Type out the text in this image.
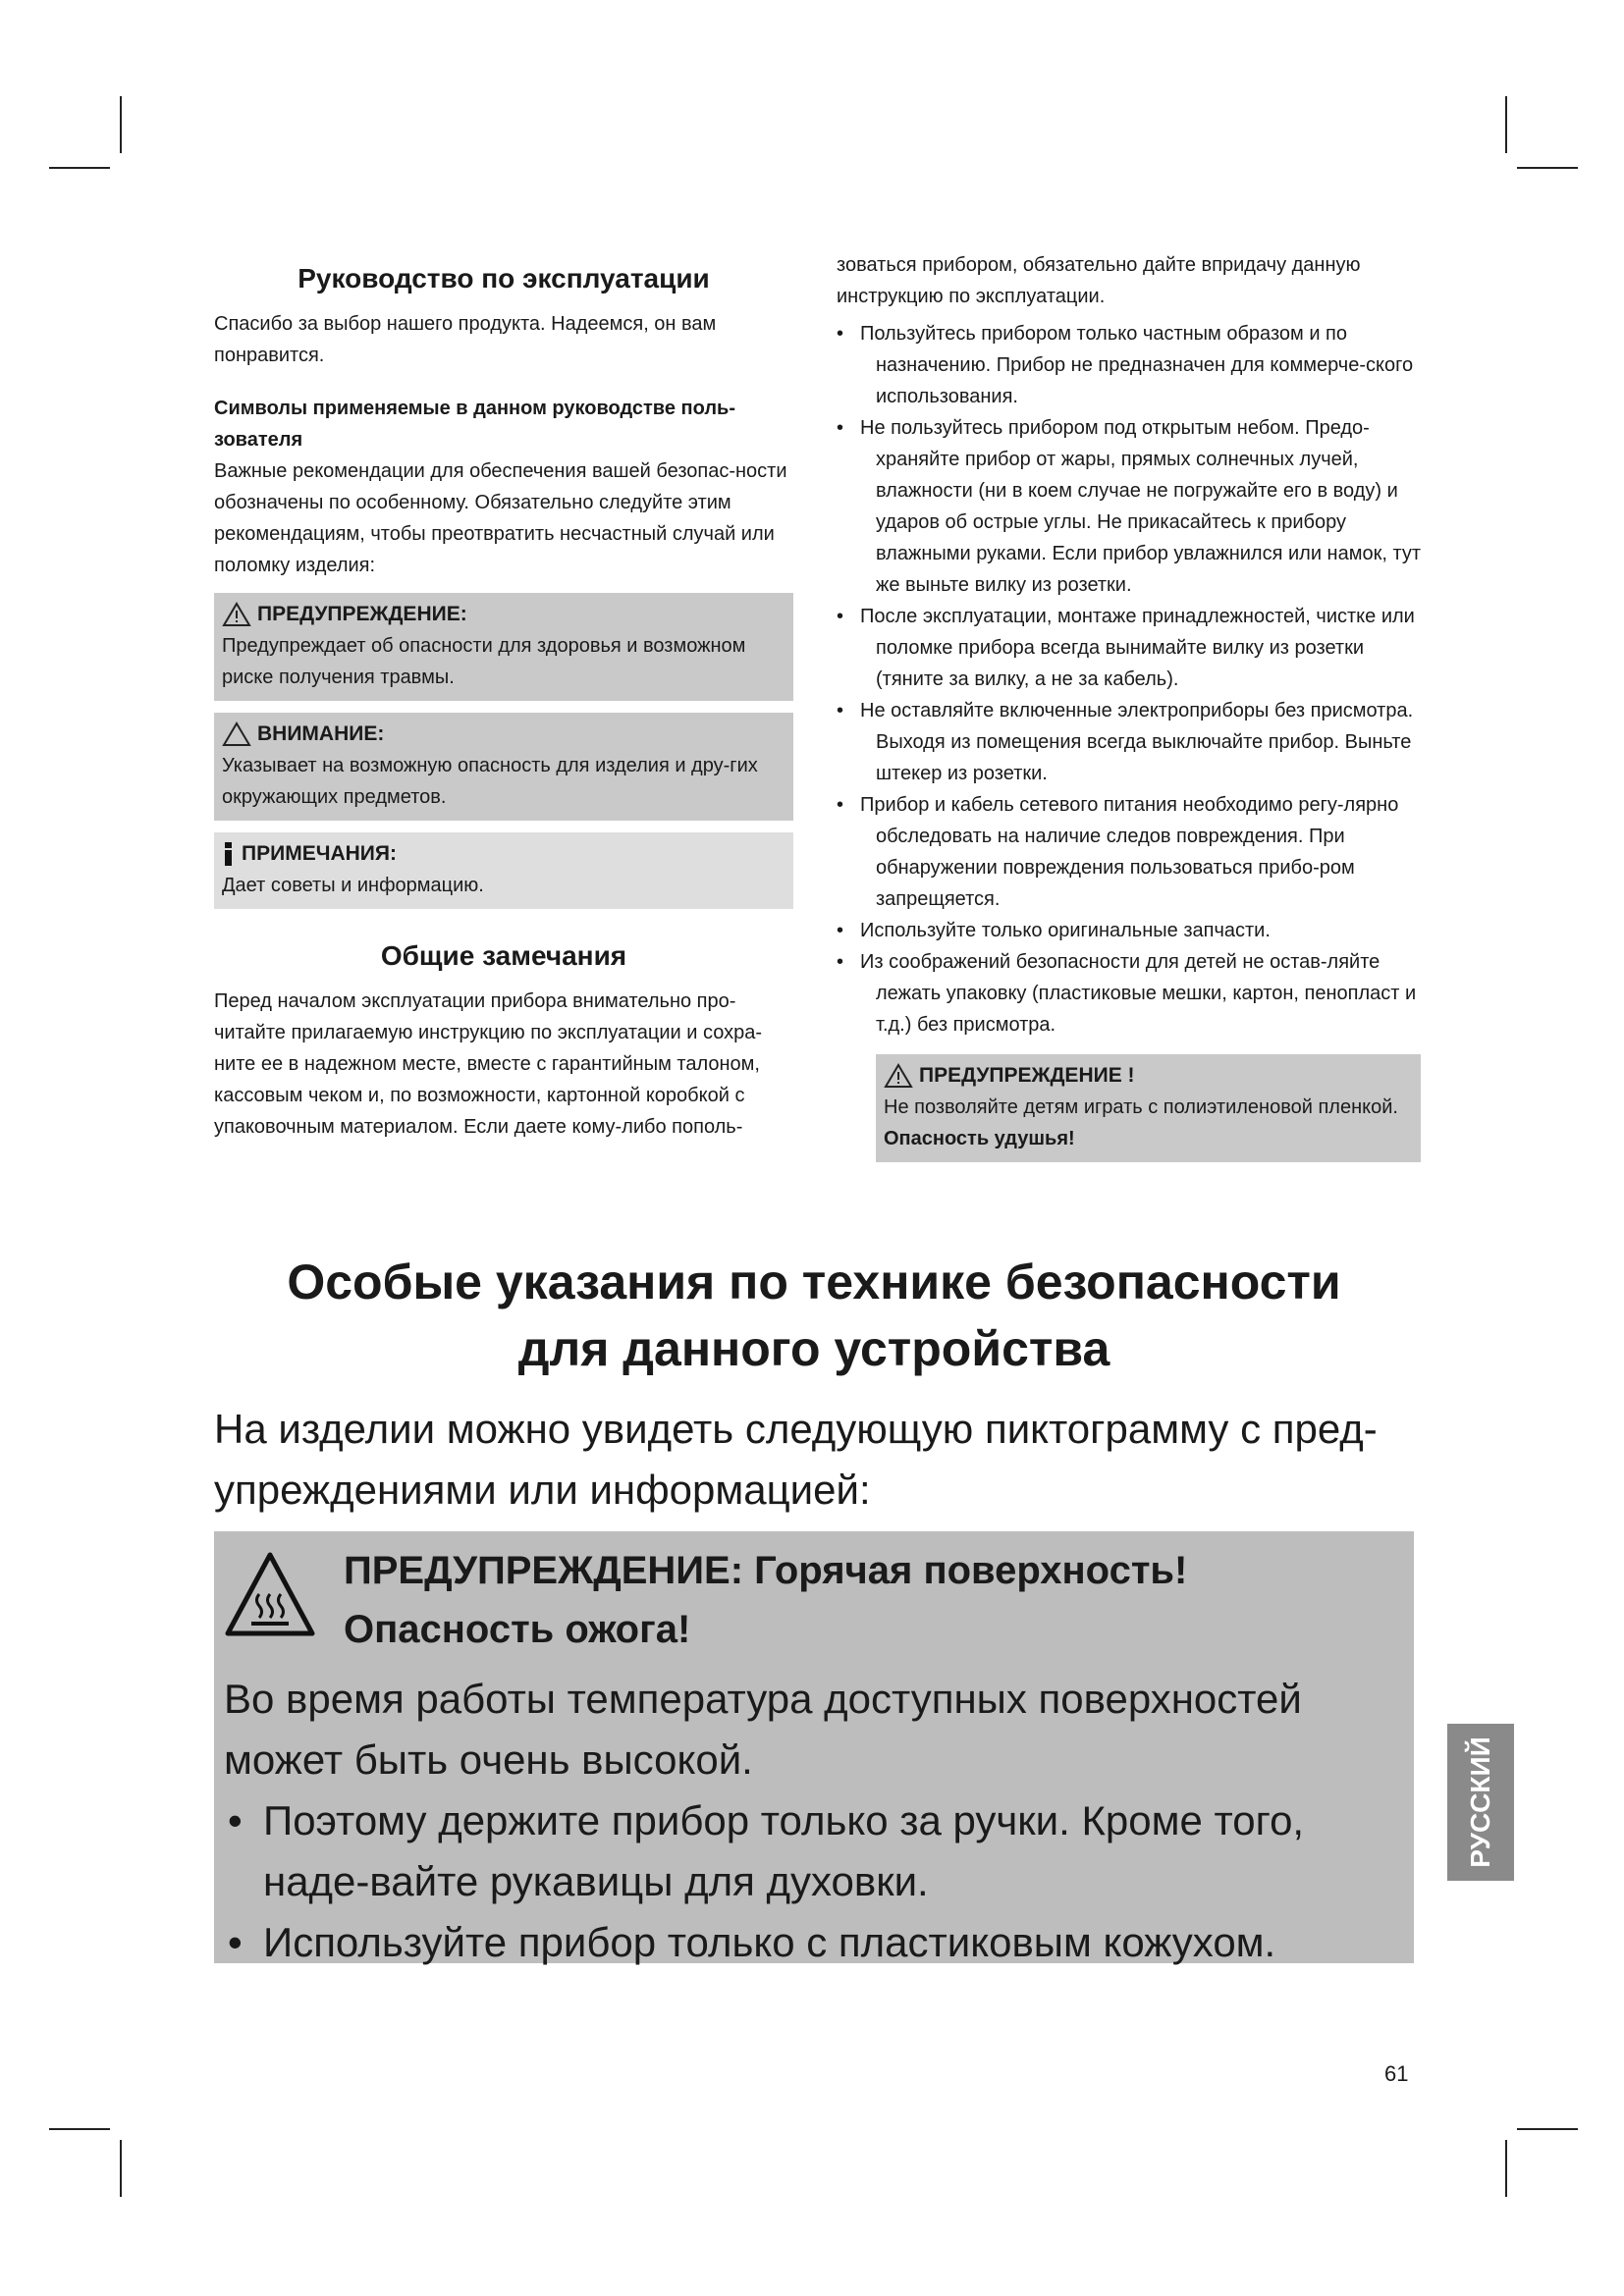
Руководство по эксплуатации

Спасибо за выбор нашего продукта. Надеемся, он вам понравится.

Символы применяемые в данном руководстве поль-зователя

Важные рекомендации для обеспечения вашей безопас-ности обозначены по особенному. Обязательно следуйте этим рекомендациям, чтобы преотвратить несчастный случай или поломку изделия:

ПРЕДУПРЕЖДЕНИЕ:

Предупреждает об опасности для здоровья и возможном риске получения травмы.

ВНИМАНИЕ:

Указывает на возможную опасность для изделия и дру-гих окружающих предметов.

ПРИМЕЧАНИЯ:

Дает советы и информацию.

Общие замечания

Перед началом эксплуатации прибора внимательно про-читайте прилагаемую инструкцию по эксплуатации и сохра-ните ее в надежном месте, вместе с гарантийным талоном, кассовым чеком и, по возможности, картонной коробкой с упаковочным материалом. Если даете кому-либо пополь-

зоваться прибором, обязательно дайте впридачу данную инструкцию по эксплуатации.

• Пользуйтесь прибором только частным образом и по назначению. Прибор не предназначен для коммерче-ского использования.
• Не пользуйтесь прибором под открытым небом. Предо-храняйте прибор от жары, прямых солнечных лучей, влажности (ни в коем случае не погружайте его в воду) и ударов об острые углы. Не прикасайтесь к прибору влажными руками. Если прибор увлажнился или намок, тут же выньте вилку из розетки.
• После эксплуатации, монтаже принадлежностей, чистке или поломке прибора всегда вынимайте вилку из розетки (тяните за вилку, а не за кабель).
• Не оставляйте включенные электроприборы без присмотра. Выходя из помещения всегда выключайте прибор. Выньте штекер из розетки.
• Прибор и кабель сетевого питания необходимо регу-лярно обследовать на наличие следов повреждения. При обнаружении повреждения пользоваться прибо-ром запрещяется.
• Используйте только оригинальные запчасти.
• Из соображений безопасности для детей не остав-ляйте лежать упаковку (пластиковые мешки, картон, пенопласт и т.д.) без присмотра.
ПРЕДУПРЕЖДЕНИЕ !

Не позволяйте детям играть с полиэтиленовой пленкой. Опасность удушья!

Особые указания по технике безопасности
для данного устройства
На изделии можно увидеть следующую пиктограмму с пред-упреждениями или информацией:
ПРЕДУПРЕЖДЕНИЕ: Горячая поверхность!
Опасность ожога!

Во время работы температура доступных поверхностей может быть очень высокой.

• Поэтому держите прибор только за ручки. Кроме того, наде-вайте рукавицы для духовки.
• Используйте прибор только с пластиковым кожухом.
РУССКИЙ
61
